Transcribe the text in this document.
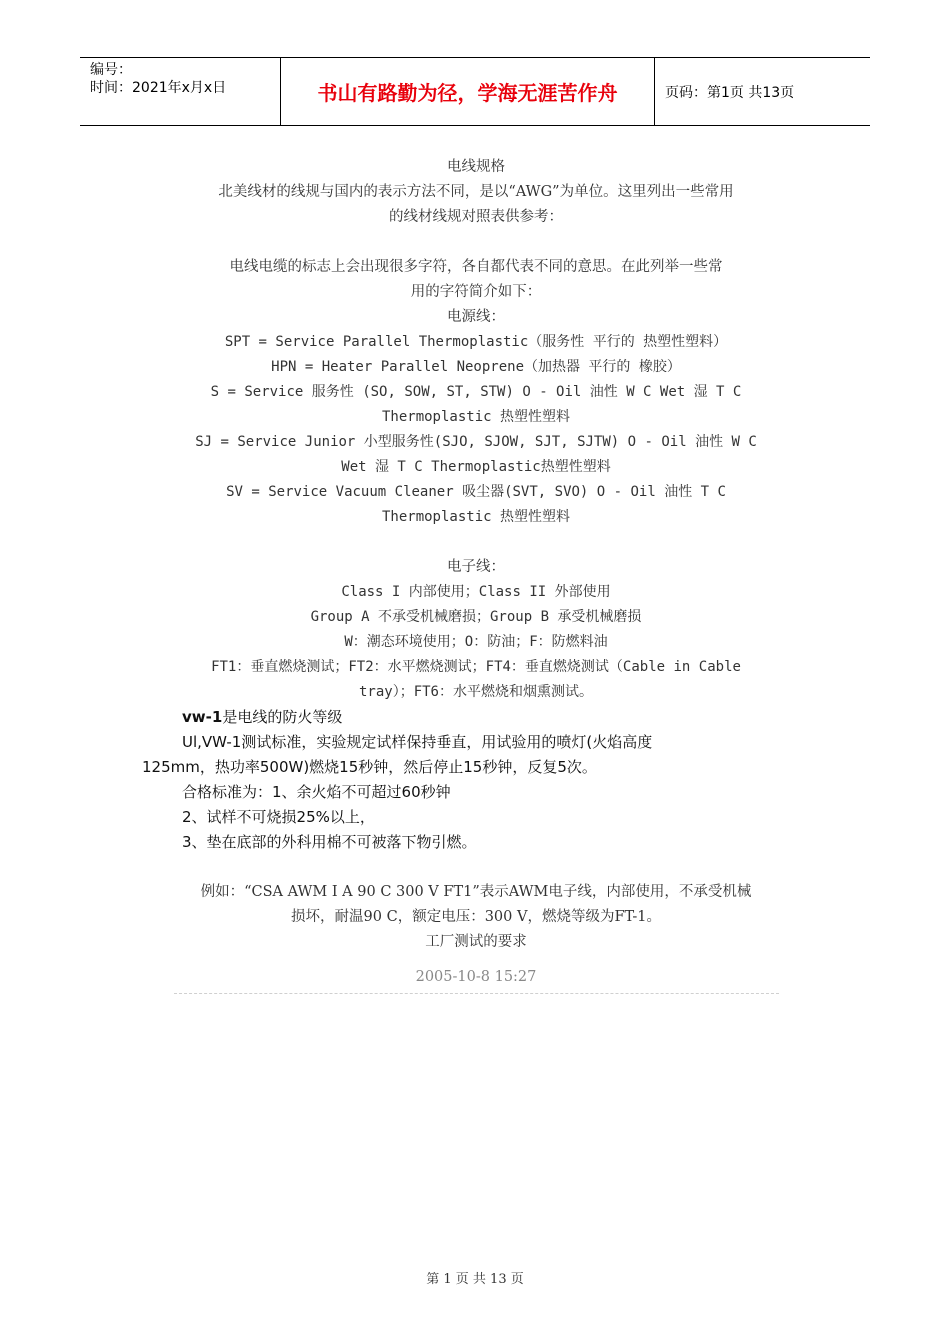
编号：
时间：2021年x月x日	书山有路勤为径，学海无涯苦作舟	页码：第1页 共13页
电线规格
北美线材的线规与国内的表示方法不同，是以“AWG”为单位。这里列出一些常用
的线材线规对照表供参考：
电线电缆的标志上会出现很多字符，各自都代表不同的意思。在此列举一些常
用的字符简介如下：
电源线：
SPT = Service Parallel Thermoplastic（服务性 平行的 热塑性塑料）
HPN = Heater Parallel Neoprene（加热器 平行的 橡胶）
S = Service 服务性 (SO, SOW, ST, STW) O - Oil 油性 W C Wet 湿 T C
Thermoplastic 热塑性塑料
SJ = Service Junior 小型服务性(SJO, SJOW, SJT, SJTW) O - Oil 油性 W C
Wet 湿 T C Thermoplastic热塑性塑料
SV = Service Vacuum Cleaner 吸尘器(SVT, SVO) O - Oil 油性 T C
Thermoplastic 热塑性塑料
电子线：
Class I 内部使用；Class II 外部使用
Group A 不承受机械磨损；Group B 承受机械磨损
W：潮态环境使用；O：防油；F：防燃料油
FT1：垂直燃烧测试；FT2：水平燃烧测试；FT4：垂直燃烧测试（Cable in Cable
tray）；FT6：水平燃烧和烟熏测试。
vw-1是电线的防火等级
Ul,VW-1测试标准，实验规定试样保持垂直，用试验用的喷灯(火焰高度
125mm，热功率500W)燃烧15秒钟，然后停止15秒钟，反复5次。
合格标准为：1、余火焰不可超过60秒钟
2、试样不可烧损25%以上，
3、垫在底部的外科用棉不可被落下物引燃。
例如：“CSA AWM I A 90 C 300 V FT1”表示AWM电子线，内部使用，不承受机械
损坏，耐温90 C，额定电压：300 V，燃烧等级为FT-1。
工厂测试的要求
2005-10-8 15:27
第 1 页 共 13 页
